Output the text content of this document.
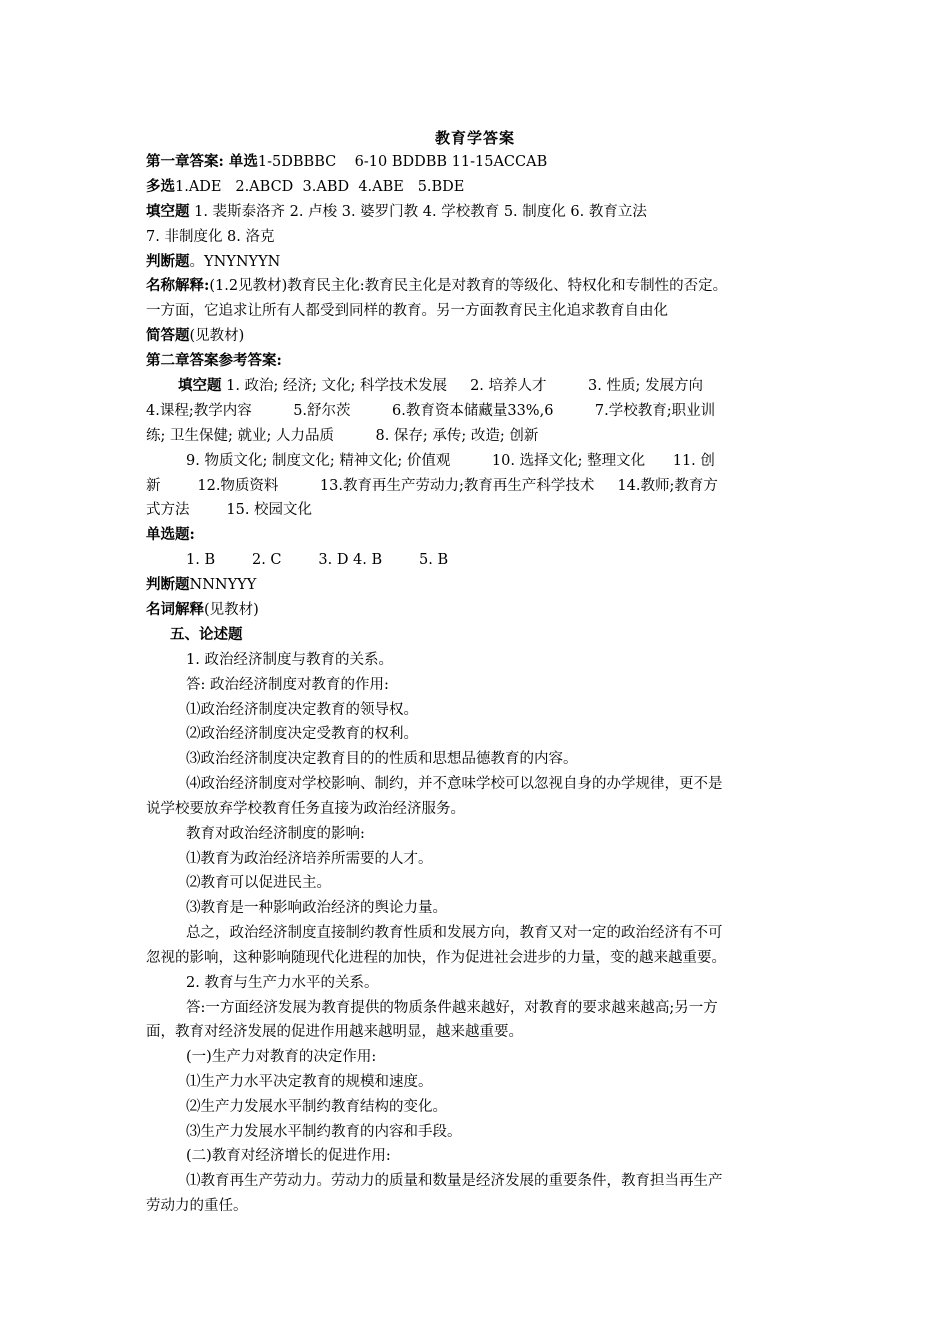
教育学答案
第一章答案: 单选1-5DBBBC    6-10 BDDBB 11-15ACCAB
多选1.ADE   2.ABCD  3.ABD  4.ABE   5.BDE
填空题 1. 裴斯泰洛齐 2. 卢梭 3. 婆罗门教 4. 学校教育 5. 制度化 6. 教育立法
7. 非制度化 8. 洛克
判断题。YNYNYYN
名称解释:(1.2见教材)教育民主化:教育民主化是对教育的等级化、特权化和专制性的否定。
一方面，它追求让所有人都受到同样的教育。另一方面教育民主化追求教育自由化
简答题(见教材)
第二章答案参考答案:
填空题 1. 政治; 经济; 文化; 科学技术发展     2. 培养人才         3. 性质; 发展方向
4.课程;教学内容         5.舒尔茨         6.教育资本储藏量33%,6         7.学校教育;职业训
练; 卫生保健; 就业; 人力品质         8. 保存; 承传; 改造; 创新
9. 物质文化; 制度文化; 精神文化; 价值观         10. 选择文化; 整理文化      11. 创
新        12.物质资料         13.教育再生产劳动力;教育再生产科学技术     14.教师;教育方
式方法        15. 校园文化
单选题:
1. B        2. C        3. D 4. B        5. B
判断题NNNYYY
名词解释(见教材)
五、论述题
1. 政治经济制度与教育的关系。
答: 政治经济制度对教育的作用:
⑴政治经济制度决定教育的领导权。
⑵政治经济制度决定受教育的权利。
⑶政治经济制度决定教育目的的性质和思想品德教育的内容。
⑷政治经济制度对学校影响、制约，并不意味学校可以忽视自身的办学规律，更不是
说学校要放弃学校教育任务直接为政治经济服务。
教育对政治经济制度的影响:
⑴教育为政治经济培养所需要的人才。
⑵教育可以促进民主。
⑶教育是一种影响政治经济的舆论力量。
总之，政治经济制度直接制约教育性质和发展方向，教育又对一定的政治经济有不可
忽视的影响，这种影响随现代化进程的加快，作为促进社会进步的力量，变的越来越重要。
2. 教育与生产力水平的关系。
答:一方面经济发展为教育提供的物质条件越来越好，对教育的要求越来越高;另一方
面，教育对经济发展的促进作用越来越明显，越来越重要。
(一)生产力对教育的决定作用:
⑴生产力水平决定教育的规模和速度。
⑵生产力发展水平制约教育结构的变化。
⑶生产力发展水平制约教育的内容和手段。
(二)教育对经济增长的促进作用:
⑴教育再生产劳动力。劳动力的质量和数量是经济发展的重要条件，教育担当再生产
劳动力的重任。
